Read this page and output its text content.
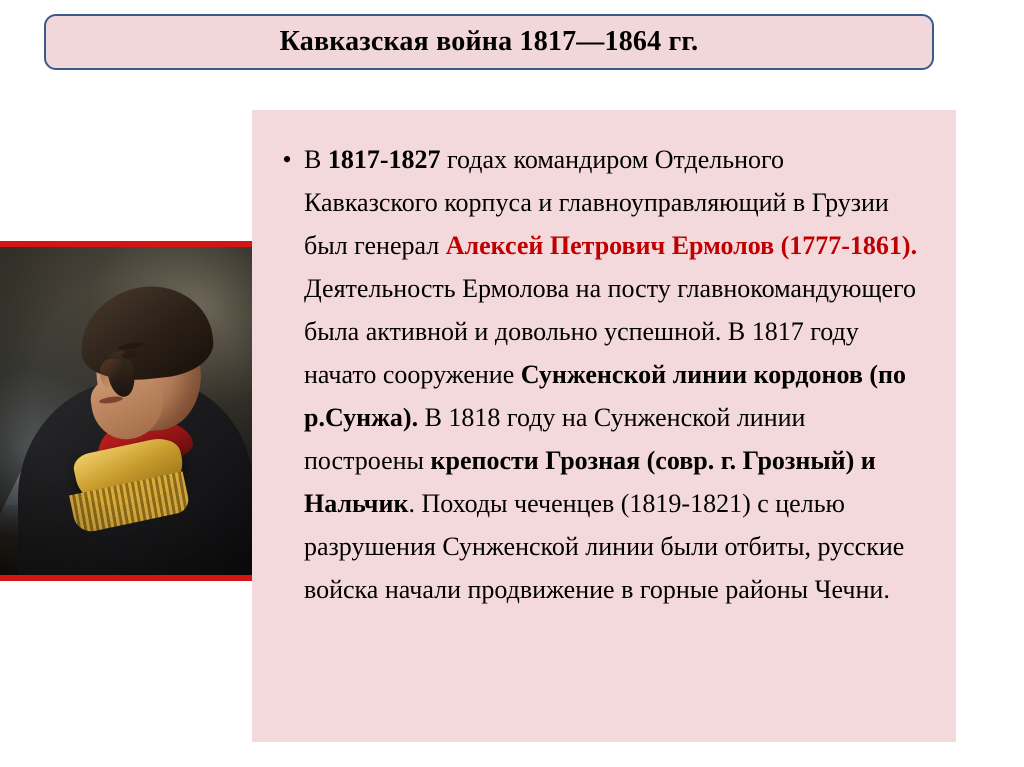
Кавказская война 1817—1864 гг.
• В 1817-1827 годах командиром Отдельного Кавказского корпуса и главноуправляющий в Грузии был генерал Алексей Петрович Ермолов (1777-1861). Деятельность Ермолова на посту главнокомандующего была активной и довольно успешной. В 1817 году начато сооружение Сунженской линии кордонов (по р.Сунжа). В 1818 году на Сунженской линии построены крепости Грозная (совр. г. Грозный) и Нальчик. Походы чеченцев (1819-1821) с целью разрушения Сунженской линии были отбиты, русские войска начали продвижение в горные районы Чечни.
